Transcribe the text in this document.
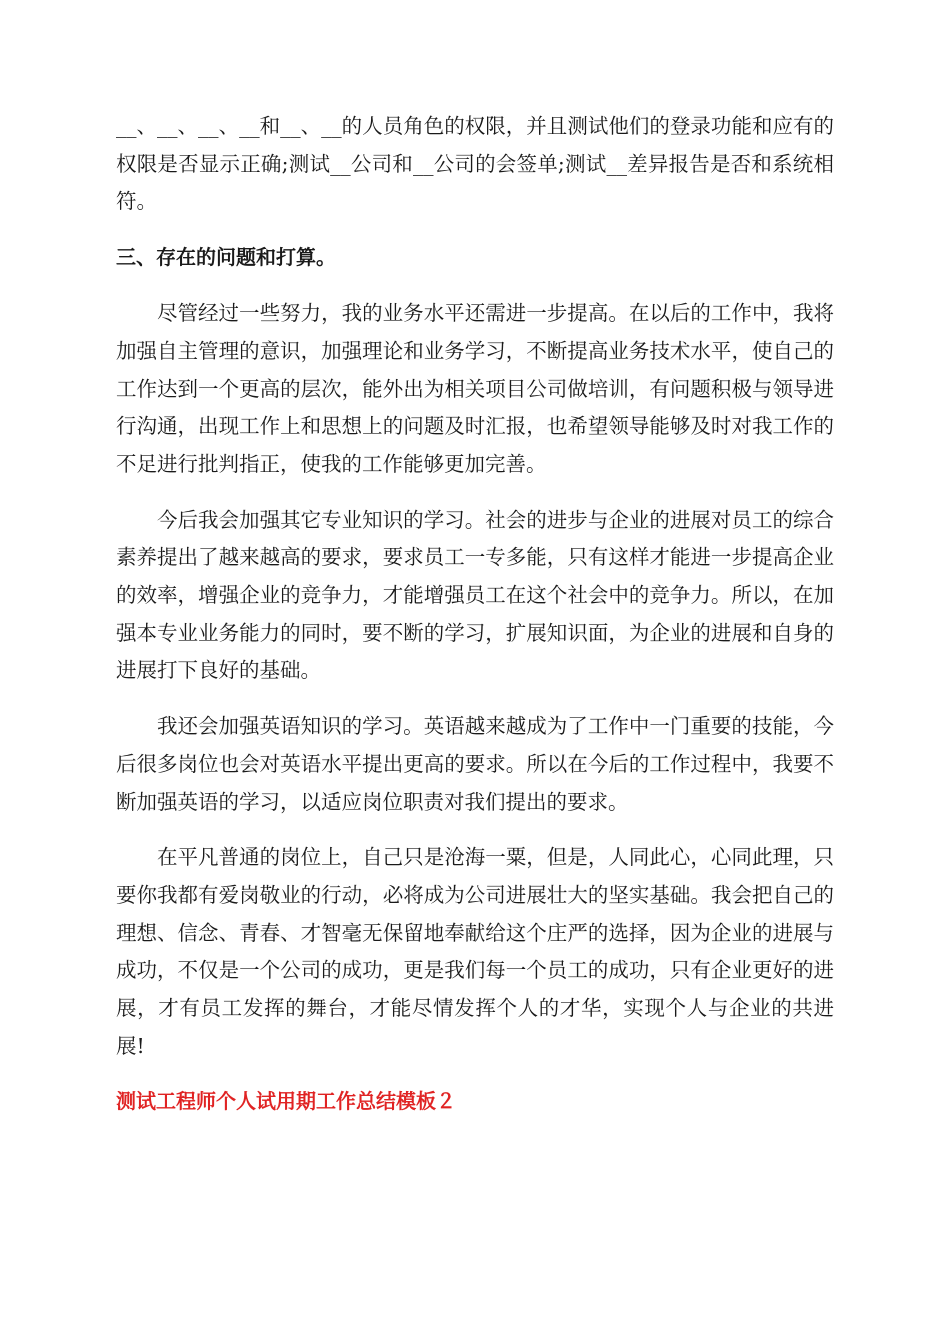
__、__、__、__和__、__的人员角色的权限，并且测试他们的登录功能和应有的权限是否显示正确;测试__公司和__公司的会签单;测试__差异报告是否和系统相符。

三、存在的问题和打算。

尽管经过一些努力，我的业务水平还需进一步提高。在以后的工作中，我将加强自主管理的意识，加强理论和业务学习，不断提高业务技术水平，使自己的工作达到一个更高的层次，能外出为相关项目公司做培训，有问题积极与领导进行沟通，出现工作上和思想上的问题及时汇报，也希望领导能够及时对我工作的不足进行批判指正，使我的工作能够更加完善。

今后我会加强其它专业知识的学习。社会的进步与企业的进展对员工的综合素养提出了越来越高的要求，要求员工一专多能，只有这样才能进一步提高企业的效率，增强企业的竞争力，才能增强员工在这个社会中的竞争力。所以，在加强本专业业务能力的同时，要不断的学习，扩展知识面，为企业的进展和自身的进展打下良好的基础。

我还会加强英语知识的学习。英语越来越成为了工作中一门重要的技能，今后很多岗位也会对英语水平提出更高的要求。所以在今后的工作过程中，我要不断加强英语的学习，以适应岗位职责对我们提出的要求。

在平凡普通的岗位上，自己只是沧海一粟，但是，人同此心，心同此理，只要你我都有爱岗敬业的行动，必将成为公司进展壮大的坚实基础。我会把自己的理想、信念、青春、才智毫无保留地奉献给这个庄严的选择，因为企业的进展与成功，不仅是一个公司的成功，更是我们每一个员工的成功，只有企业更好的进展，才有员工发挥的舞台，才能尽情发挥个人的才华，实现个人与企业的共进展!

测试工程师个人试用期工作总结模板２
